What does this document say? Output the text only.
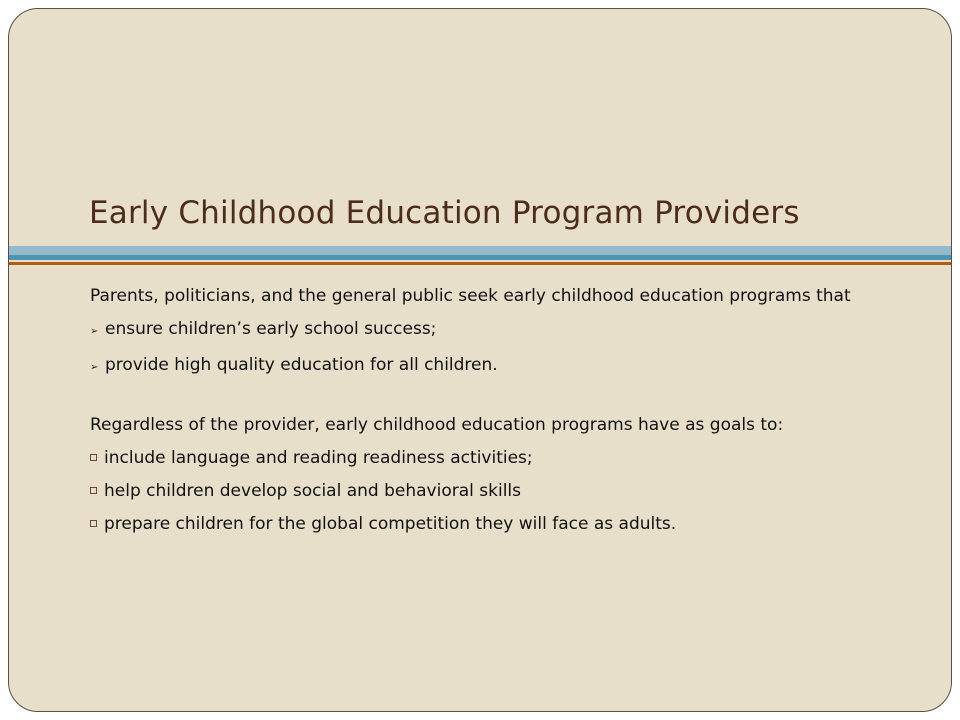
Early Childhood Education Program Providers

Parents, politicians, and the general public seek early childhood education programs that

➢ ensure children’s early school success;
➢ provide high quality education for all children.

Regardless of the provider, early childhood education programs have as goals to:

include language and reading readiness activities;
help children develop social and behavioral skills
prepare children for the global competition they will face as adults.
